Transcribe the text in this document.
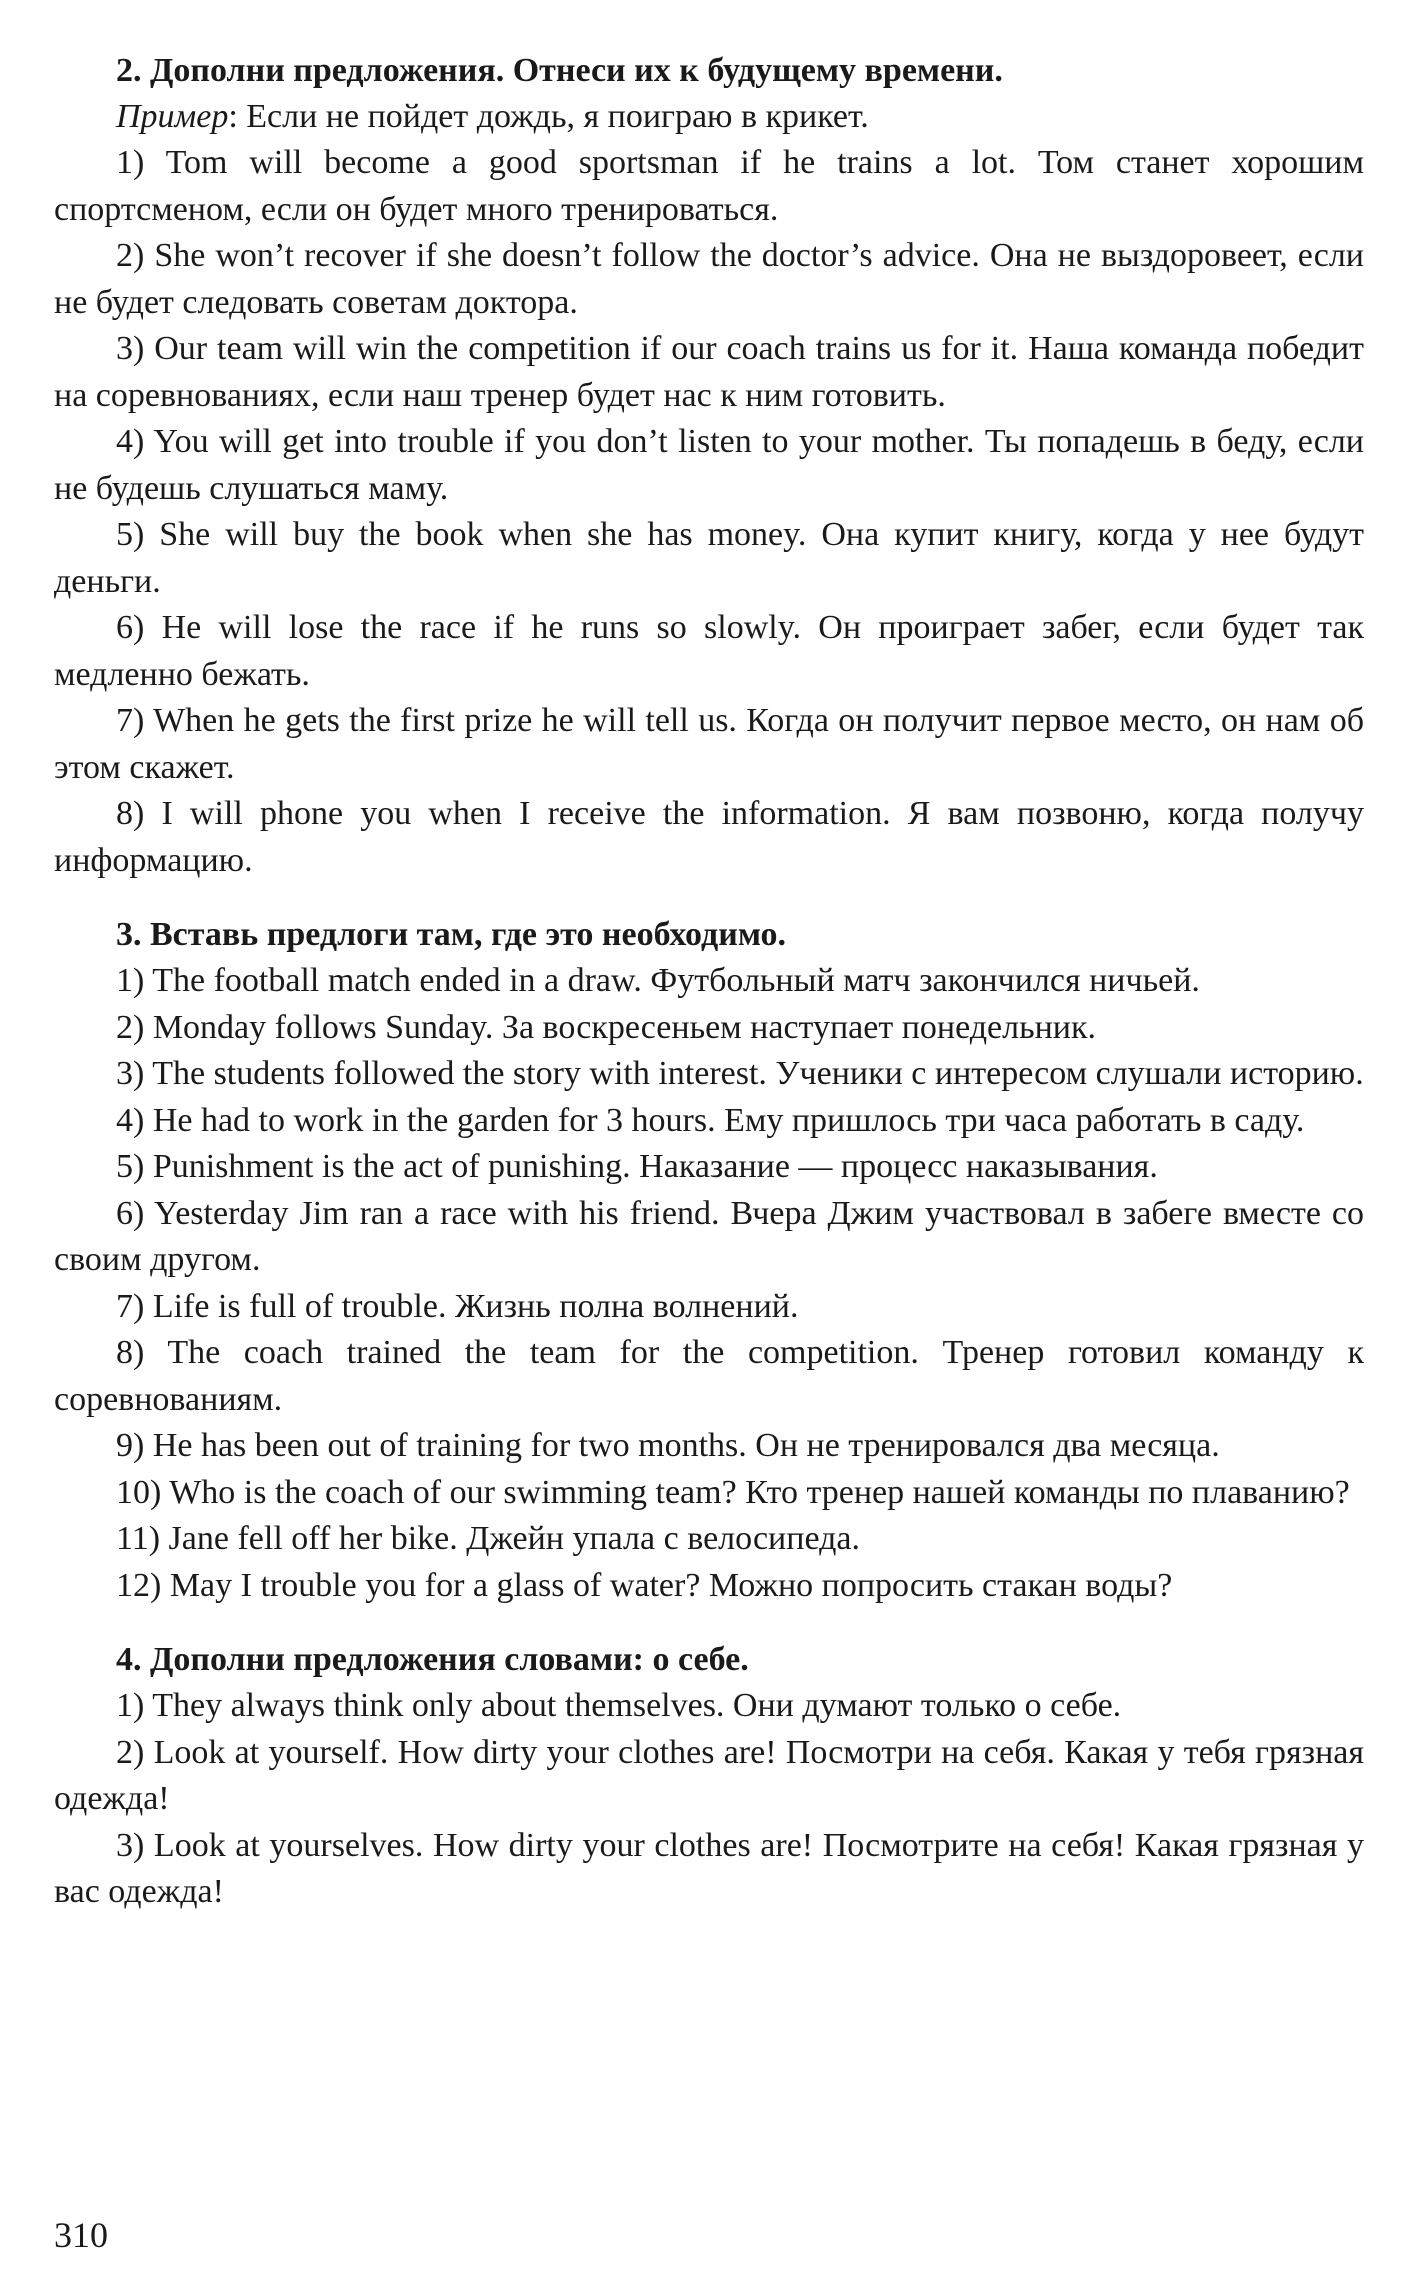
2. Дополни предложения. Отнеси их к будущему времени.

Пример: Если не пойдет дождь, я поиграю в крикет.

1) Tom will become a good sportsman if he trains a lot. Том станет хорошим спортсменом, если он будет много тренироваться.

2) She won’t recover if she doesn’t follow the doctor’s advice. Она не выздоровеет, если не будет следовать советам доктора.

3) Our team will win the competition if our coach trains us for it. Наша команда победит на соревнованиях, если наш тренер будет нас к ним готовить.

4) You will get into trouble if you don’t listen to your mother. Ты попадешь в беду, если не будешь слушаться маму.

5) She will buy the book when she has money. Она купит книгу, когда у нее будут деньги.

6) He will lose the race if he runs so slowly. Он проиграет забег, если будет так медленно бежать.

7) When he gets the first prize he will tell us. Когда он получит первое место, он нам об этом скажет.

8) I will phone you when I receive the information. Я вам позвоню, когда получу информацию.

3. Вставь предлоги там, где это необходимо.

1) The football match ended in a draw. Футбольный матч закончился ничьей.

2) Monday follows Sunday. За воскресеньем наступает понедельник.

3) The students followed the story with interest. Ученики с интересом слушали историю.

4) He had to work in the garden for 3 hours. Ему пришлось три часа работать в саду.

5) Punishment is the act of punishing. Наказание — процесс наказывания.

6) Yesterday Jim ran a race with his friend. Вчера Джим участвовал в забеге вместе со своим другом.

7) Life is full of trouble. Жизнь полна волнений.

8) The coach trained the team for the competition. Тренер готовил команду к соревнованиям.

9) He has been out of training for two months. Он не тренировался два месяца.

10) Who is the coach of our swimming team? Кто тренер нашей команды по плаванию?

11) Jane fell off her bike. Джейн упала с велосипеда.

12) May I trouble you for a glass of water? Можно попросить стакан воды?

4. Дополни предложения словами: о себе.

1) They always think only about themselves. Они думают только о себе.

2) Look at yourself. How dirty your clothes are! Посмотри на себя. Какая у тебя грязная одежда!

3) Look at yourselves. How dirty your clothes are! Посмотрите на себя! Какая грязная у вас одежда!

310
